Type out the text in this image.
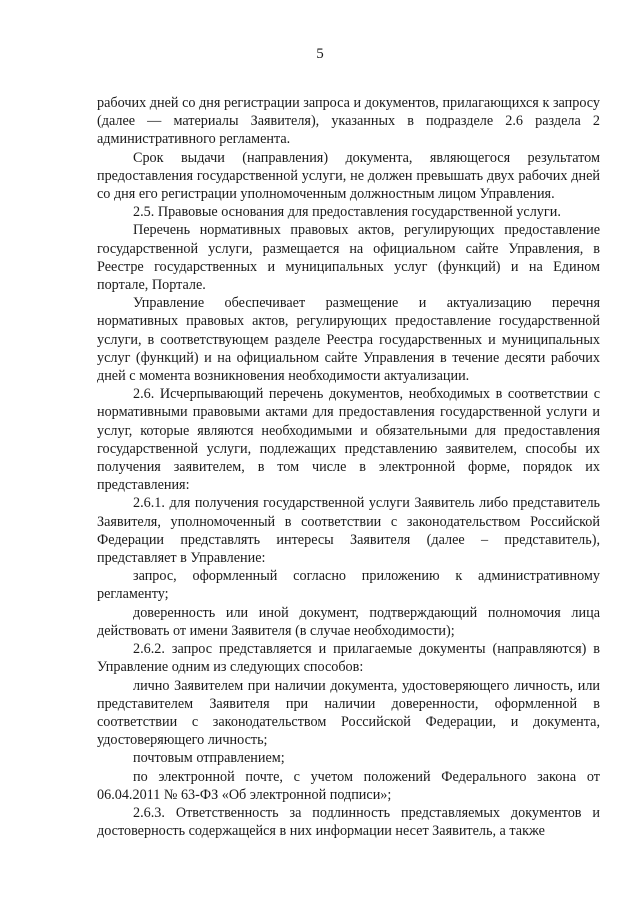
5

рабочих дней со дня регистрации запроса и документов, прилагающихся к запросу (далее — материалы Заявителя), указанных в подразделе 2.6 раздела 2 административного регламента.

Срок выдачи (направления) документа, являющегося результатом предоставления государственной услуги, не должен превышать двух рабочих дней со дня его регистрации уполномоченным должностным лицом Управления.

2.5. Правовые основания для предоставления государственной услуги.

Перечень нормативных правовых актов, регулирующих предоставление государственной услуги, размещается на официальном сайте Управления, в Реестре государственных и муниципальных услуг (функций) и на Едином портале, Портале.

Управление обеспечивает размещение и актуализацию перечня нормативных правовых актов, регулирующих предоставление государственной услуги, в соответствующем разделе Реестра государственных и муниципальных услуг (функций) и на официальном сайте Управления в течение десяти рабочих дней с момента возникновения необходимости актуализации.

2.6. Исчерпывающий перечень документов, необходимых в соответствии с нормативными правовыми актами для предоставления государственной услуги и услуг, которые являются необходимыми и обязательными для предоставления государственной услуги, подлежащих представлению заявителем, способы их получения заявителем, в том числе в электронной форме, порядок их представления:

2.6.1. для получения государственной услуги Заявитель либо представитель Заявителя, уполномоченный в соответствии с законодательством Российской Федерации представлять интересы Заявителя (далее – представитель), представляет в Управление:

запрос, оформленный согласно приложению к административному регламенту;

доверенность или иной документ, подтверждающий полномочия лица действовать от имени Заявителя (в случае необходимости);

2.6.2. запрос представляется и прилагаемые документы (направляются) в Управление одним из следующих способов:

лично Заявителем при наличии документа, удостоверяющего личность, или представителем Заявителя при наличии доверенности, оформленной в соответствии с законодательством Российской Федерации, и документа, удостоверяющего личность;

почтовым отправлением;

по электронной почте, с учетом положений Федерального закона от 06.04.2011 № 63-ФЗ «Об электронной подписи»;

2.6.3. Ответственность за подлинность представляемых документов и достоверность содержащейся в них информации несет Заявитель, а также
